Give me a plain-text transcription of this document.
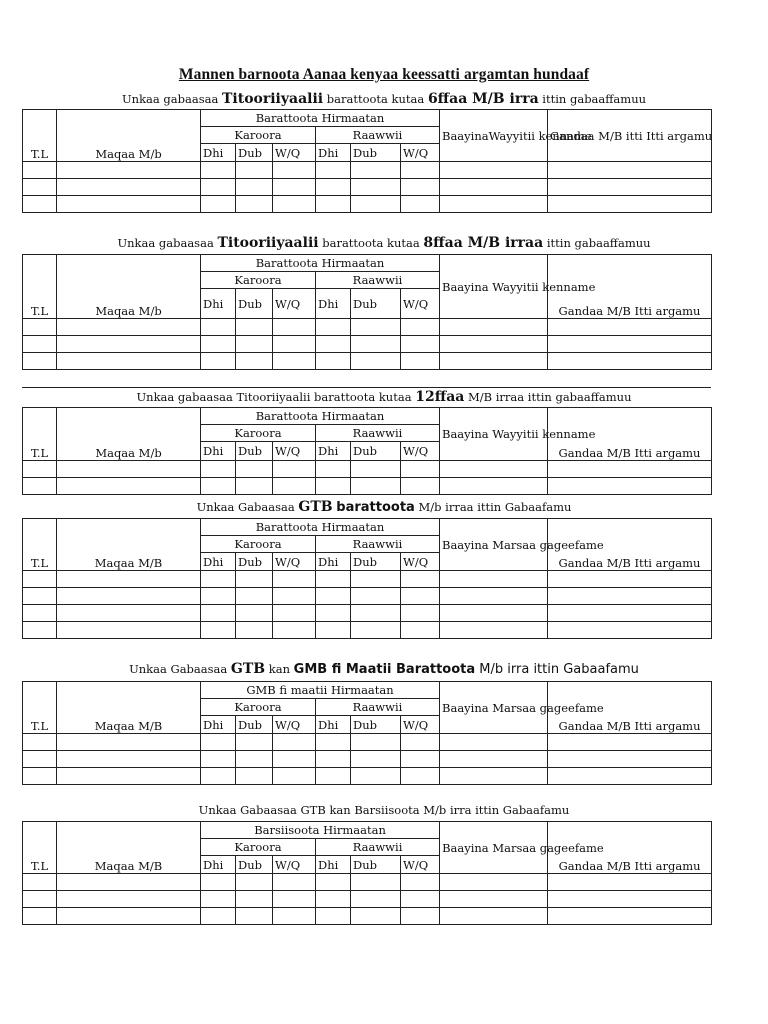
Mannen barnoota Aanaa kenyaa keessatti argamtan hundaaf
Unkaa gabaasaa Titooriiyaalii barattoota kutaa 6ffaa M/B irra ittin gabaaffamuu
T.L	Maqaa M/b	Barattoota Hirmaatan						BaayinaWayyitii kenname	Gandaa M/B itti Itti argamu
		Karoora			Raawwii				
		Dhi	Dub	W/Q	Dhi	Dub	W/Q		

Unkaa gabaasaa Titooriiyaalii barattoota kutaa 8ffaa M/B irraa ittin gabaaffamuu
T.L	Maqaa M/b	Barattoota Hirmaatan						Baayina Wayyitii kenname	Gandaa M/B Itti argamu
		Karoora			Raawwii				
		Dhi	Dub	W/Q	Dhi	Dub	W/Q		

Unkaa gabaasaa Titooriiyaalii barattoota kutaa 12ffaa M/B irraa ittin gabaaffamuu
T.L	Maqaa M/b	Barattoota Hirmaatan						Baayina Wayyitii kenname	Gandaa M/B Itti argamu
		Karoora			Raawwii				
		Dhi	Dub	W/Q	Dhi	Dub	W/Q		

Unkaa Gabaasaa GTB barattoota M/b irraa ittin Gabaafamu
T.L	Maqaa M/B	Barattoota Hirmaatan						Baayina Marsaa gageefame	Gandaa M/B Itti argamu
		Karoora			Raawwii				
		Dhi	Dub	W/Q	Dhi	Dub	W/Q		

Unkaa Gabaasaa GTB kan GMB fi Maatii Barattoota M/b irra ittin Gabaafamu
T.L	Maqaa M/B	GMB fi maatii Hirmaatan						Baayina Marsaa gageefame	Gandaa M/B Itti argamu
		Karoora			Raawwii				
		Dhi	Dub	W/Q	Dhi	Dub	W/Q		

Unkaa Gabaasaa GTB kan Barsiisoota M/b irra ittin Gabaafamu
T.L	Maqaa M/B	Barsiisoota Hirmaatan						Baayina Marsaa gageefame	Gandaa M/B Itti argamu
		Karoora			Raawwii				
		Dhi	Dub	W/Q	Dhi	Dub	W/Q		
